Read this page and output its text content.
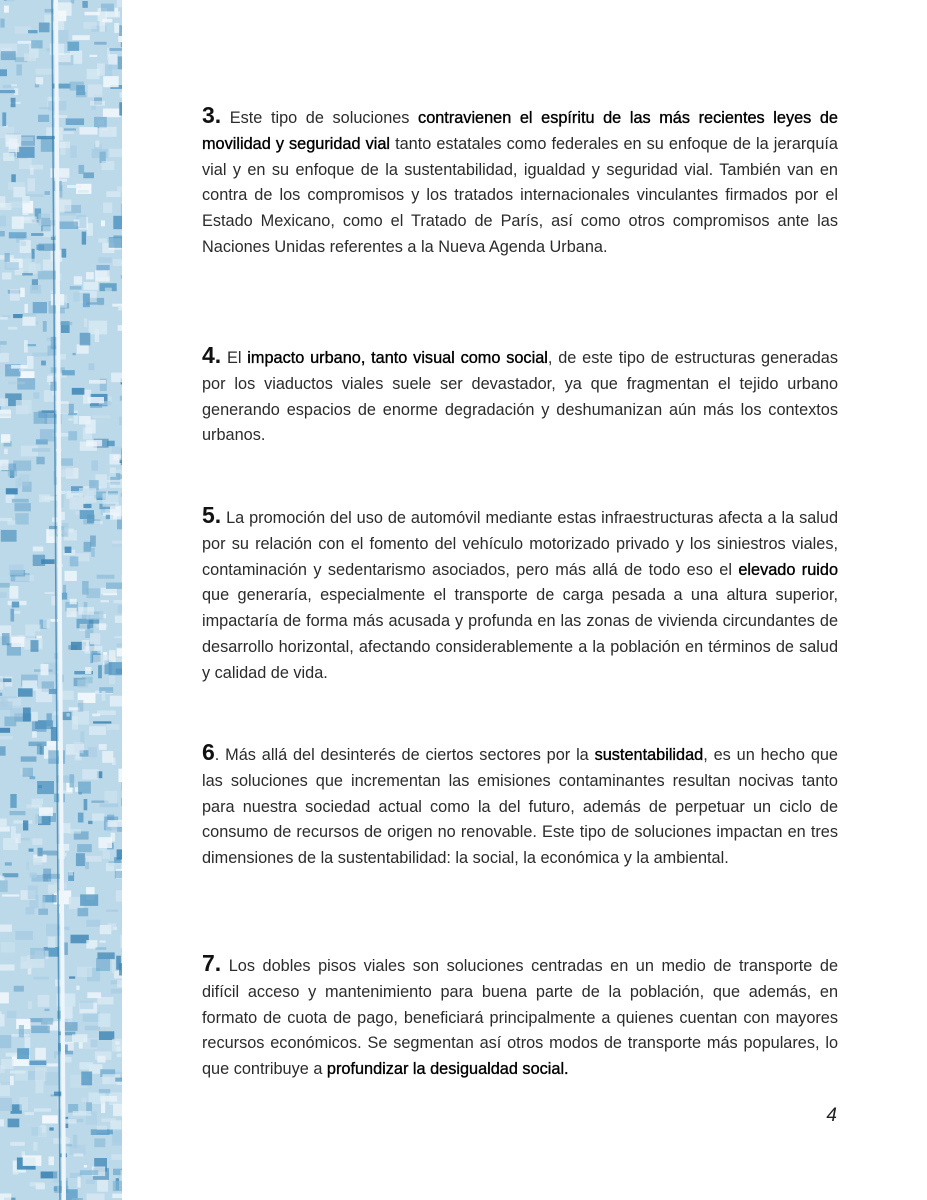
3. Este tipo de soluciones contravienen el espíritu de las más recientes leyes de movilidad y seguridad vial tanto estatales como federales en su enfoque de la jerarquía vial y en su enfoque de la sustentabilidad, igualdad y seguridad vial. También van en contra de los compromisos y los tratados internacionales vinculantes firmados por el Estado Mexicano, como el Tratado de París, así como otros compromisos ante las Naciones Unidas referentes a la Nueva Agenda Urbana.

4. El impacto urbano, tanto visual como social, de este tipo de estructuras generadas por los viaductos viales suele ser devastador, ya que fragmentan el tejido urbano generando espacios de enorme degradación y deshumanizan aún más los contextos urbanos.

5. La promoción del uso de automóvil mediante estas infraestructuras afecta a la salud por su relación con el fomento del vehículo motorizado privado y los siniestros viales, contaminación y sedentarismo asociados, pero más allá de todo eso el elevado ruido que generaría, especialmente el transporte de carga pesada a una altura superior, impactaría de forma más acusada y profunda en las zonas de vivienda circundantes de desarrollo horizontal, afectando considerablemente a la población en términos de salud y calidad de vida.

6. Más allá del desinterés de ciertos sectores por la sustentabilidad, es un hecho que las soluciones que incrementan las emisiones contaminantes resultan nocivas tanto para nuestra sociedad actual como la del futuro, además de perpetuar un ciclo de consumo de recursos de origen no renovable. Este tipo de soluciones impactan en tres dimensiones de la sustentabilidad: la social, la económica y la ambiental.

7. Los dobles pisos viales son soluciones centradas en un medio de transporte de difícil acceso y mantenimiento para buena parte de la población, que además, en formato de cuota de pago, beneficiará principalmente a quienes cuentan con mayores recursos económicos. Se segmentan así otros modos de transporte más populares, lo que contribuye a profundizar la desigualdad social.

4
